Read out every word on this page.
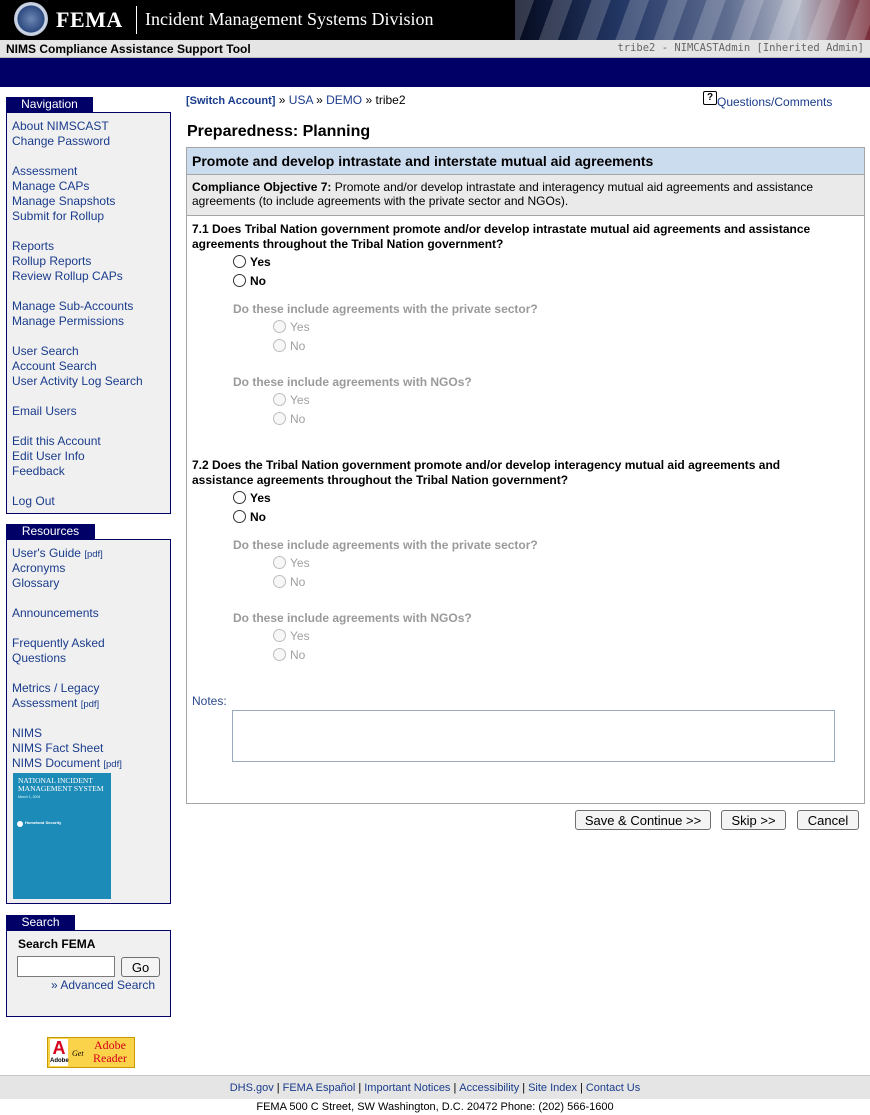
FEMA Incident Management Systems Division
NIMS Compliance Assistance Support Tool	tribe2 - NIMCASTAdmin [Inherited Admin]
Navigation
About NIMSCAST
Change Password
Assessment
Manage CAPs
Manage Snapshots
Submit for Rollup
Reports
Rollup Reports
Review Rollup CAPs
Manage Sub-Accounts
Manage Permissions
User Search
Account Search
User Activity Log Search
Email Users
Edit this Account
Edit User Info
Feedback
Log Out
Resources
User's Guide [pdf]
Acronyms
Glossary
Announcements
Frequently Asked
Questions
Metrics / Legacy
Assessment [pdf]
NIMS
NIMS Fact Sheet
NIMS Document [pdf]
NATIONAL INCIDENT MANAGEMENT SYSTEM
March 1, 2004
Homeland Security
Search
Search FEMA
Go
» Advanced Search
A
Adobe
Get
Adobe Reader
[Switch Account] » USA » DEMO » tribe2	? Questions/Comments
Preparedness: Planning
Promote and develop intrastate and interstate mutual aid agreements
Compliance Objective 7: Promote and/or develop intrastate and interagency mutual aid agreements and assistance agreements (to include agreements with the private sector and NGOs).
7.1 Does Tribal Nation government promote and/or develop intrastate mutual aid agreements and assistance agreements throughout the Tribal Nation government?
Yes
No
Do these include agreements with the private sector?
Yes
No
Do these include agreements with NGOs?
Yes
No
7.2 Does the Tribal Nation government promote and/or develop interagency mutual aid agreements and assistance agreements throughout the Tribal Nation government?
Yes
No
Do these include agreements with the private sector?
Yes
No
Do these include agreements with NGOs?
Yes
No
Notes:
Save & Continue >>	Skip >>	Cancel
DHS.gov | FEMA Español | Important Notices | Accessibility | Site Index | Contact Us
FEMA 500 C Street, SW Washington, D.C. 20472 Phone: (202) 566-1600
